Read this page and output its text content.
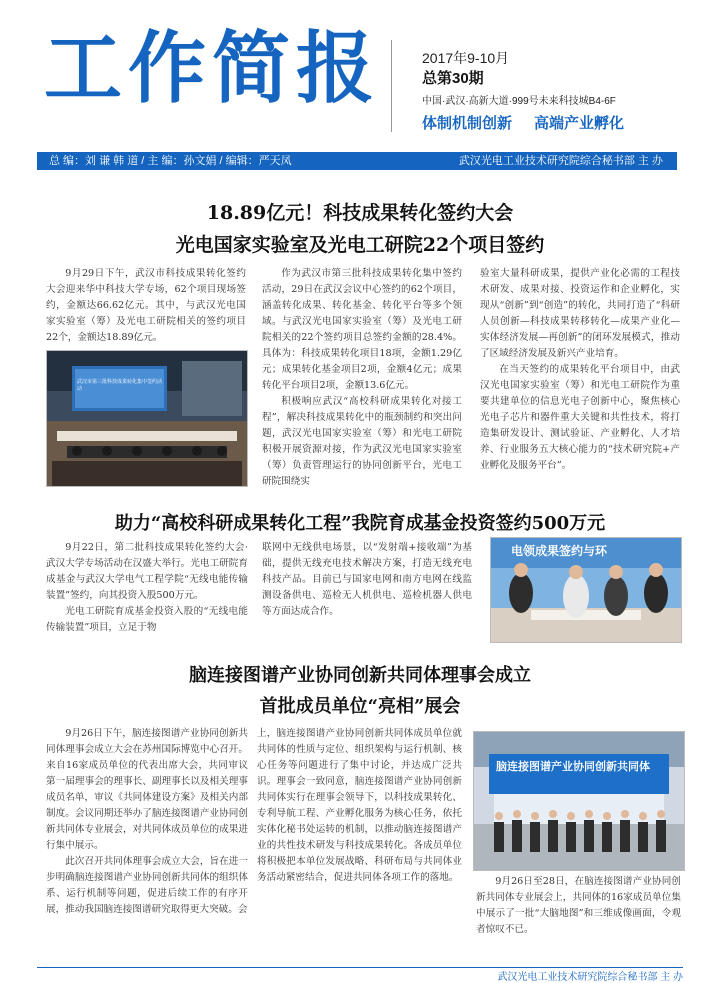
工作简报	2017年9-10月
总第30期
中国·武汉·高新大道·999号未来科技城B4-6F
体制机制创新 高端产业孵化
总 编：刘 谦 韩 道 / 主 编：孙文娟 / 编辑：严天凤	武汉光电工业技术研究院综合秘书部 主 办
18.89亿元！科技成果转化签约大会
光电国家实验室及光电工研院22个项目签约

9月29日下午，武汉市科技成果转化签约大会迎来华中科技大学专场，62个项目现场签约，金额达66.62亿元。其中，与武汉光电国家实验室（筹）及光电工研院相关的签约项目22个，金额达18.89亿元。

武汉市第三批科技成果转化集中签约活动

作为武汉市第三批科技成果转化集中签约活动，29日在武汉会议中心签约的62个项目，涵盖转化成果、转化基金、转化平台等多个领域。与武汉光电国家实验室（筹）及光电工研院相关的22个签约项目总签约金额的28.4%。具体为：科技成果转化项目18项，金额1.29亿元；成果转化基金项目2项，金额4亿元；成果转化平台项目2项，金额13.6亿元。

积极响应武汉“高校科研成果转化对接工程”，解决科技成果转化中的瓶颈制约和突出问题，武汉光电国家实验室（筹）和光电工研院积极开展资源对接，作为武汉光电国家实验室（筹）负责管理运行的协同创新平台，光电工研院围绕实

验室大量科研成果，提供产业化必需的工程技术研发、成果对接、投资运作和企业孵化，实现从“创新”到“创造”的转化，共同打造了“科研人员创新—科技成果转移转化—成果产业化—实体经济发展—再创新”的闭环发展模式，推动了区域经济发展及新兴产业培育。

在当天签约的成果转化平台项目中，由武汉光电国家实验室（筹）和光电工研院作为重要共建单位的信息光电子创新中心，聚焦核心光电子芯片和器件重大关键和共性技术，将打造集研发设计、测试验证、产业孵化、人才培养、行业服务五大核心能力的“技术研究院+产业孵化及服务平台”。

助力“高校科研成果转化工程”我院育成基金投资签约500万元

9月22日，第二批科技成果转化签约大会·武汉大学专场活动在汉盛大举行。光电工研院育成基金与武汉大学电气工程学院“无线电能传输装置”签约，向其投资入股500万元。

光电工研院育成基金投资入股的“无线电能传输装置”项目，立足于物

联网中无线供电场景，以“发射端+接收端”为基础，提供无线充电技术解决方案，打造无线充电科技产品。目前已与国家电网和南方电网在线监测设备供电、巡检无人机供电、巡检机器人供电等方面达成合作。

电领成果签约与环
脑连接图谱产业协同创新共同体理事会成立
首批成员单位“亮相”展会

9月26日下午，脑连接图谱产业协同创新共同体理事会成立大会在苏州国际博览中心召开。来自16家成员单位的代表出席大会，共同审议第一届理事会的理事长、副理事长以及相关理事成员名单，审议《共同体建设方案》及相关内部制度。会议同期还举办了脑连接图谱产业协同创新共同体专业展会，对共同体成员单位的成果进行集中展示。

此次召开共同体理事会成立大会，旨在进一步明确脑连接图谱产业协同创新共同体的组织体系、运行机制等问题，促进后续工作的有序开展，推动我国脑连接图谱研究取得更大突破。会

上，脑连接图谱产业协同创新共同体成员单位就共同体的性质与定位、组织架构与运行机制、核心任务等问题进行了集中讨论，并达成广泛共识。理事会一致同意，脑连接图谱产业协同创新共同体实行在理事会领导下，以科技成果转化、专利导航工程、产业孵化服务为核心任务，依托实体化秘书处运转的机制，以推动脑连接图谱产业的共性技术研发与科技成果转化。各成员单位将积极把本单位发展战略、科研布局与共同体业务活动紧密结合，促进共同体各项工作的落地。

脑连接图谱产业协同创新共同体

9月26日至28日，在脑连接图谱产业协同创新共同体专业展会上，共同体的16家成员单位集中展示了一批“大脑地图”和三维成像画面，令观者惊叹不已。

武汉光电工业技术研究院综合秘书部 主 办
